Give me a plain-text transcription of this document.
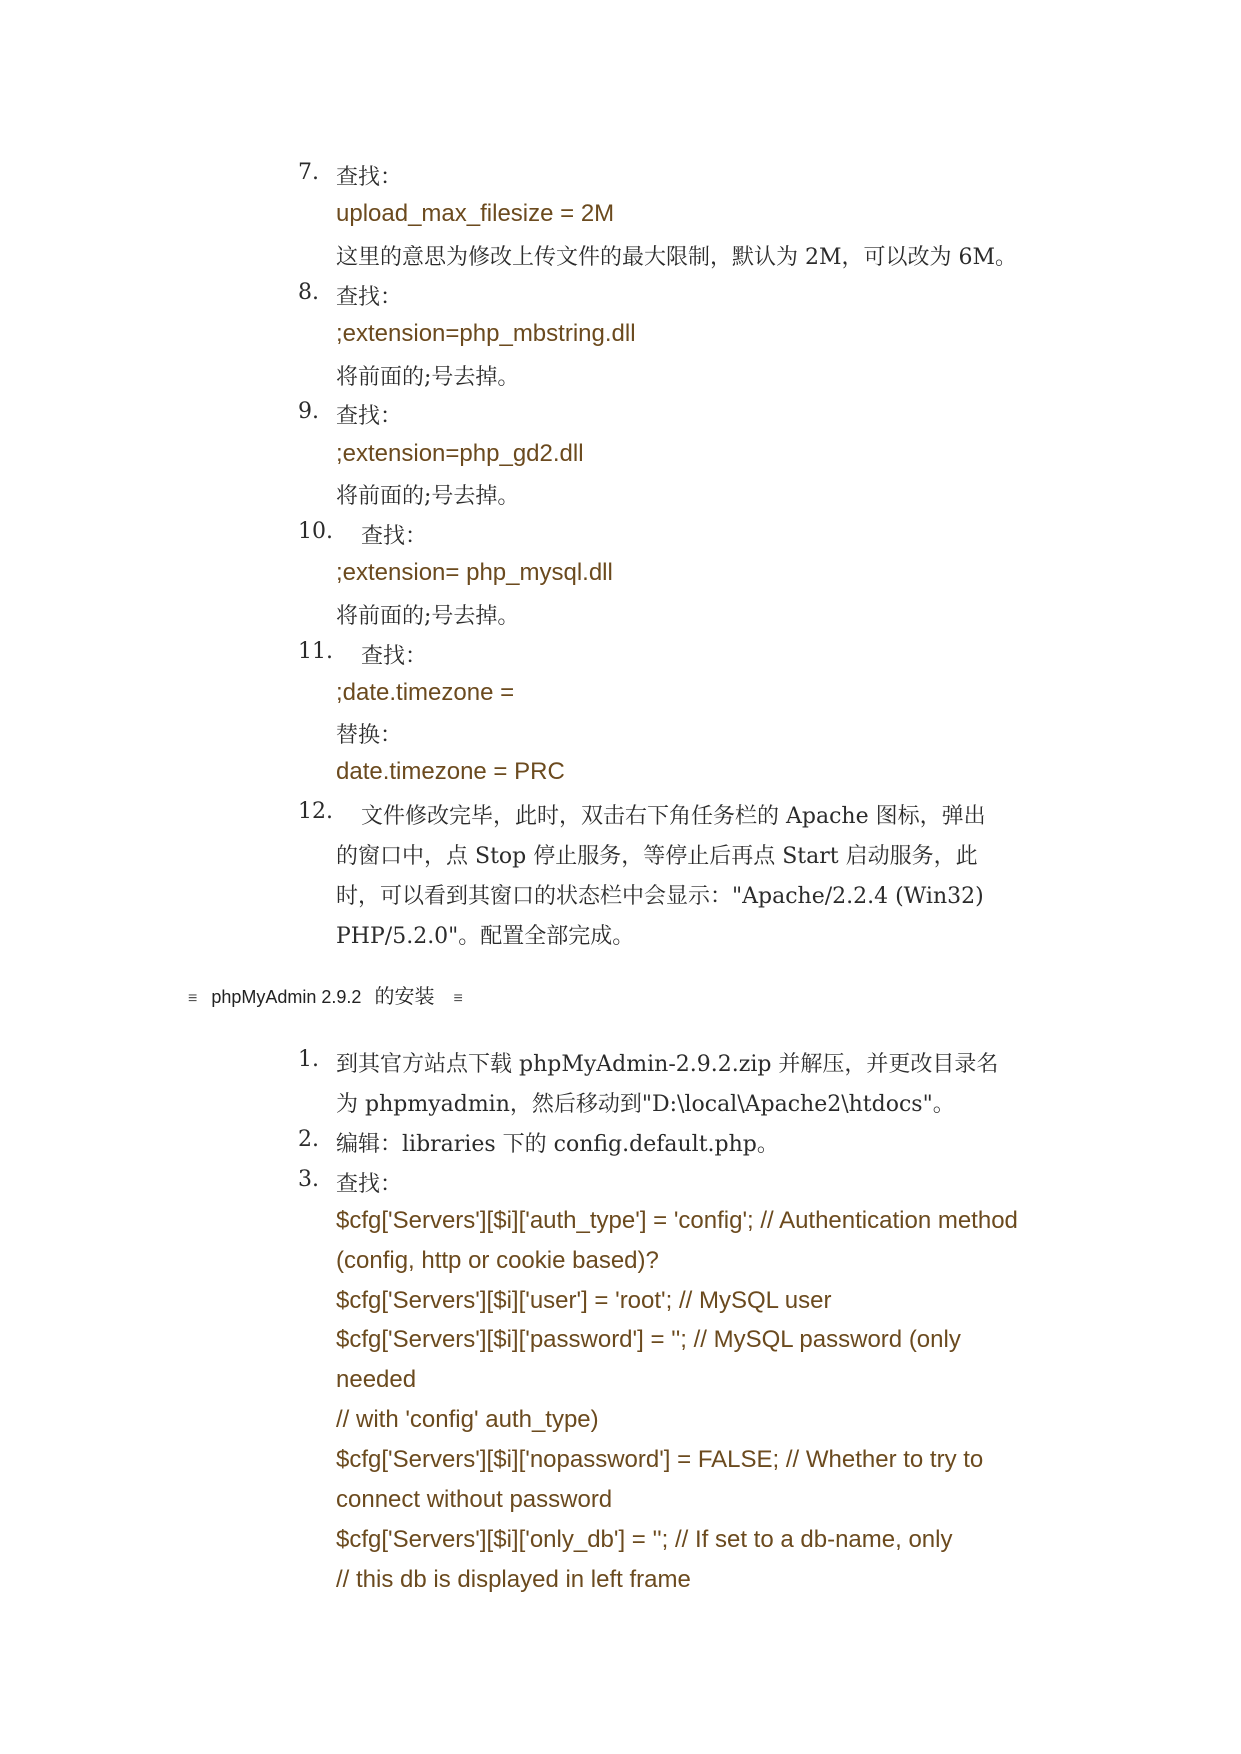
7. 查找：
upload_max_filesize = 2M
这里的意思为修改上传文件的最大限制，默认为 2M，可以改为 6M。
8. 查找：
;extension=php_mbstring.dll
将前面的;号去掉。
9. 查找：
;extension=php_gd2.dll
将前面的;号去掉。
10. 查找：
;extension= php_mysql.dll
将前面的;号去掉。
11. 查找：
;date.timezone =
替换：
date.timezone = PRC
12. 文件修改完毕，此时，双击右下角任务栏的 Apache 图标，弹出
的窗口中，点 Stop 停止服务，等停止后再点 Start 启动服务，此
时，可以看到其窗口的状态栏中会显示："Apache/2.2.4 (Win32)
PHP/5.2.0"。配置全部完成。
≡ phpMyAdmin 2.9.2 的安装 ≡
1. 到其官方站点下载 phpMyAdmin-2.9.2.zip 并解压，并更改目录名
为 phpmyadmin，然后移动到"D:\local\Apache2\htdocs"。
2. 编辑：libraries 下的 config.default.php。
3. 查找：
$cfg['Servers'][$i]['auth_type'] = 'config'; // Authentication method
(config, http or cookie based)?
$cfg['Servers'][$i]['user'] = 'root'; // MySQL user
$cfg['Servers'][$i]['password'] = ''; // MySQL password (only
needed
// with 'config' auth_type)
$cfg['Servers'][$i]['nopassword'] = FALSE; // Whether to try to
connect without password
$cfg['Servers'][$i]['only_db'] = ''; // If set to a db-name, only
// this db is displayed in left frame
